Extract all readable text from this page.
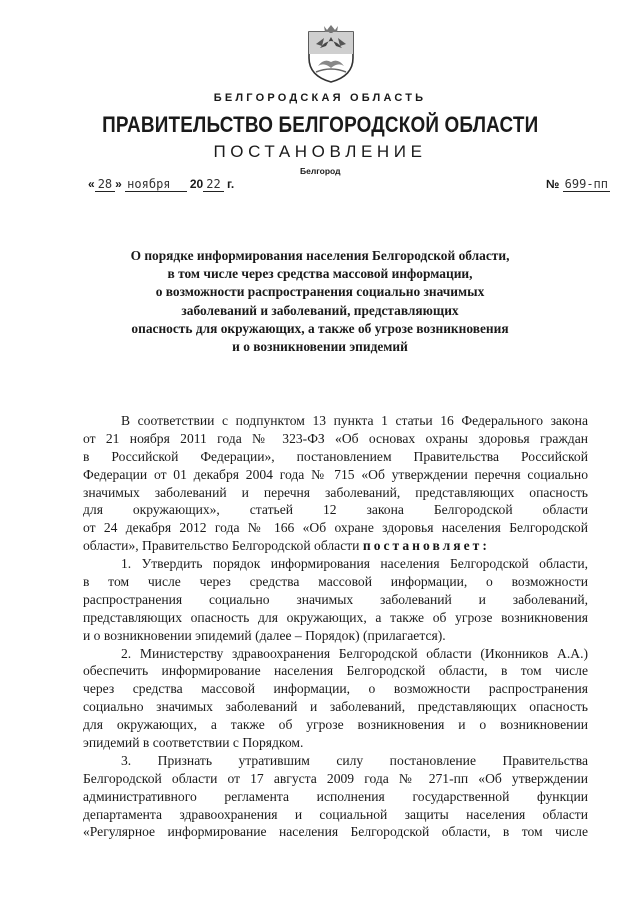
БЕЛГОРОДСКАЯ ОБЛАСТЬ
ПРАВИТЕЛЬСТВО БЕЛГОРОДСКОЙ ОБЛАСТИ
ПОСТАНОВЛЕНИЕ
Белгород
« 28 » ноября 20 22 г.	№ 699-пп
О порядке информирования населения Белгородской области,
в том числе через средства массовой информации,
о возможности распространения социально значимых
заболеваний и заболеваний, представляющих
опасность для окружающих, а также об угрозе возникновения
и о возникновении эпидемий
В соответствии с подпунктом 13 пункта 1 статьи 16 Федерального закона
от 21 ноября 2011 года № 323-ФЗ «Об основах охраны здоровья граждан
в Российской Федерации», постановлением Правительства Российской
Федерации от 01 декабря 2004 года № 715 «Об утверждении перечня социально
значимых заболеваний и перечня заболеваний, представляющих опасность
для окружающих», статьей 12 закона Белгородской области
от 24 декабря 2012 года № 166 «Об охране здоровья населения Белгородской
области», Правительство Белгородской области постановляет:
1. Утвердить порядок информирования населения Белгородской области,
в том числе через средства массовой информации, о возможности
распространения социально значимых заболеваний и заболеваний,
представляющих опасность для окружающих, а также об угрозе возникновения
и о возникновении эпидемий (далее – Порядок) (прилагается).
2. Министерству здравоохранения Белгородской области (Иконников А.А.)
обеспечить информирование населения Белгородской области, в том числе
через средства массовой информации, о возможности распространения
социально значимых заболеваний и заболеваний, представляющих опасность
для окружающих, а также об угрозе возникновения и о возникновении
эпидемий в соответствии с Порядком.
3. Признать утратившим силу постановление Правительства
Белгородской области от 17 августа 2009 года № 271-пп «Об утверждении
административного регламента исполнения государственной функции
департамента здравоохранения и социальной защиты населения области
«Регулярное информирование населения Белгородской области, в том числе
